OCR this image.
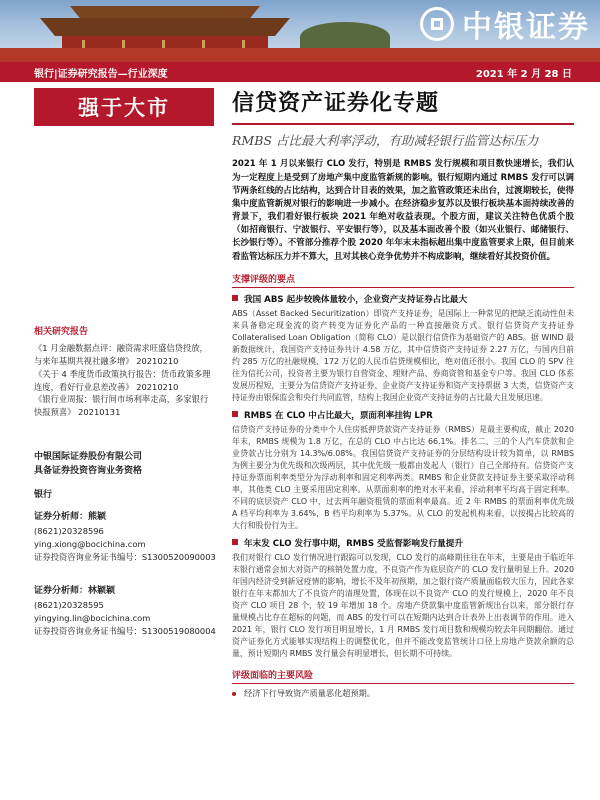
中银证券
银行|证券研究报告—行业深度	2021 年 2 月 28 日
强于大市	信贷资产证券化专题
RMBS 占比最大利率浮动，有助减轻银行监管达标压力
2021 年 1 月以来银行 CLO 发行，特别是 RMBS 发行规模和项目数快速增长，我们认为一定程度上是受到了房地产集中度监管新规的影响。银行短期内通过 RMBS 发行可以调节两条红线的占比结构，达到合计目表的效果，加之监管政策还未出台，过渡期较长，使得集中度监管新规对银行的影响进一步减小。在经济稳步复苏以及银行板块基本面持续改善的背景下，我们看好银行板块 2021 年绝对收益表现。个股方面，建议关注特色优质个股（如招商银行、宁波银行、平安银行等），以及基本面改善个股（如兴业银行、邮储银行、长沙银行等）。不管部分推荐个股 2020 年年末未指标超出集中度监管要求上限，但目前来看监管达标压力并不算大，且对其核心竞争优势并不构成影响，继续看好其投资价值。
支撑评级的要点
我国 ABS 起步较晚体量较小，企业资产支持证券占比最大
ABS（Asset Backed Securitization）即资产支持证券，是国际上一种常见的把缺乏流动性但未来具备稳定现金流的资产转变为证券化产品的一种直接融资方式。银行信贷资产支持证券 Collateralised Loan Obligation（简称 CLO）是以银行信贷作为基础资产的 ABS。据 WIND 最新数据统计，我国资产支持证券共计 4.58 万亿，其中信贷资产支持证券 2.27 万亿，与国内目前约 285 万亿的社融规模、172 万亿的人民币信贷规模相比，绝对值还很小。我国 CLO 的 SPV 往往为信托公司，投资者主要为银行自营资金、理财产品、券商资管和基金专户等。我国 CLO 体系发展历程短，主要分为信贷资产支持证券、企业资产支持证券和资产支持票据 3 大类，信贷资产支持证券由银保监会和央行共同监管，结构上我国企业资产支持证券的占比最大且发展迅速。
RMBS 在 CLO 中占比最大，票面利率挂钩 LPR
信贷资产支持证券的分类中个人住房抵押贷款资产支持证券（RMBS）是最主要构成，截止 2020 年末，RMBS 规模为 1.8 万亿，在总的 CLO 中占比达 66.1%。排名二、三的个人汽车贷款和企业贷款占比分别为 14.3%/6.08%。我国信贷资产支持证券的分层结构设计较为简单，以 RMBS 为例主要分为优先级和次级两层，其中优先级一般都由发起人（银行）自己全部持有。信贷资产支持证券票面利率类型分为浮动利率和固定利率两类。RMBS 和企业贷款支持证券主要采取浮动利率，其他类 CLO 主要采用固定利率。从票面利率的绝对水平来看，浮动利率平均高于固定利率。不同的底层资产 CLO 中，过去两年融资租赁的票面利率最高。近 2 年 RMBS 的票面利率优先级 A 档平均利率为 3.64%，B 档平均利率为 5.37%。从 CLO 的发起机构来看，以按揭占比较高的大行和股份行为主。
年末发 CLO 发行事中期，RMBS 受监督影响发行量提升
我们对银行 CLO 发行情况进行跟踪可以发现，CLO 发行的高峰期往往在年末，主要是由于临近年末银行通常会加大对资产的核销处置力度，不良资产作为底层资产的 CLO 发行量明显上升。2020 年国内经济受到新冠疫情的影响，增长不及年初预期，加之银行资产质量面临较大压力，因此各家银行在年末都加大了不良资产的清理处置，体现在以不良资产 CLO 的发行规模上，2020 年不良资产 CLO 项目 28 个，较 19 年增加 18 个。房地产贷款集中度监管新规出台以来，部分银行存量规模占比存在超标的问题，而 ABS 的发行可以在短期内达到合计表外上出表调节的作用。进入 2021 年，银行 CLO 发行项目明显增长，1 月 RMBS 发行项目数和规模均较去年同期翻倍。通过资产证券化方式能够实现结构上的调整优化，但并不能改变监管统计口径上房地产贷款余额的总量，预计短期内 RMBS 发行量会有明显增长，但长期不可持续。
评级面临的主要风险
经济下行导致资产质量恶化超预期。
相关研究报告
《1 月金融数据点评：融资需求旺盛信贷投放，与来年基期共视社融多增》 20210210
《关于 4 季度货币政策执行报告：货币政策多理连度，看好行业息差改善》 20210210
《银行业周报：银行间市场利率走高，多家银行快报预喜》 20210131
中银国际证券股份有限公司
具备证券投资咨询业务资格
银行
证券分析师：熊颖
(8621)20328596
ying.xiong@bocichina.com
证券投资咨询业务证书编号：S1300520090003
证券分析师：林颖颖
(8621)20328595
yingying.lin@bocichina.com
证券投资咨询业务证书编号：S1300519080004
